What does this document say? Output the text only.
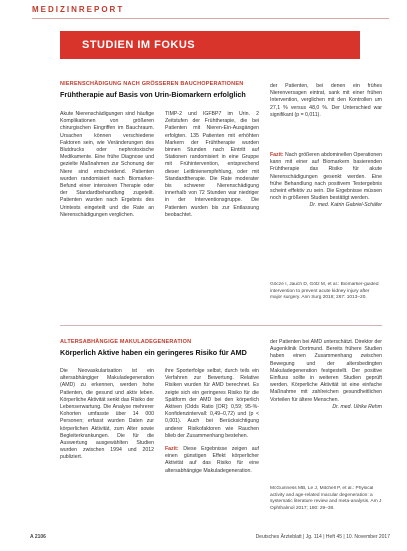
MEDIZINREPORT
STUDIEN IM FOKUS
NIERENSCHÄDIGUNG NACH GRÖSSEREN BAUCHOPERATIONEN
Frühtherapie auf Basis von Urin-Biomarkern erfolglich

Akute Nierenschädigungen sind häufige Komplikationen von größeren chirurgischen Eingriffen im Bauchraum. Ursachen können verschiedene Faktoren sein, wie Veränderungen des Blutdrucks oder nephrotoxische Medikamente. Eine frühe Diagnose und gezielte Maßnahmen zur Schonung der Niere sind entscheidend. Patienten wurden randomisiert nach Biomarker-Befund einer intensiven Therapie oder der Standardbehandlung zugeteilt. Patienten wurden nach Ergebnis des Urintests eingeteilt und die Rate an Nierenschädigungen verglichen.

TIMP-2 und IGFBP7 im Urin. 2 Zeitstufen der Frühtherapie, die bei Patienten mit Nieren-Ein-Ausgängen erfolgten. 135 Patienten mit erhöhten Markern der Frühtherapie wurden binnen Stunden nach Eintritt auf Stationen randomisiert in eine Gruppe mit Frühintervention, entsprechend dieser Leitlinienempfehlung, oder mit Standardtherapie. Die Rate moderater bis schwerer Nierenschädigung innerhalb von 72 Stunden war niedriger in der Interventionsgruppe. Die Patienten wurden bis zur Entlassung beobachtet.

der Patienten, bei denen ein frühes Nierenversagen eintrat, sank mit einer frühen Intervention, verglichen mit den Kontrollen um 27,1 % versus 48,0 %. Der Unterschied war signifikant (p = 0,011).

Fazit: Nach größeren abdominellen Operationen kann mit einer auf Biomarkern basierenden Frühtherapie das Risiko für akute Nierenschädigungen gesenkt werden. Eine frühe Behandlung nach positivem Testergebnis scheint effektiv zu sein. Die Ergebnisse müssen noch in größeren Studien bestätigt werden.
Dr. med. Katrin Gabriel-Schäfer
Göcze I, Jauch D, Götz M, et al.: Biomarker-guided intervention to prevent acute kidney injury after major surgery. Ann Surg 2018; 267: 1013–20.
ALTERSABHÄNGIGE MAKULADEGENERATION
Körperlich Aktive haben ein geringeres Risiko für AMD

Die Neovaskularisation ist ein altersabhängiger Makuladegeneration (AMD) zu erkennen, werden hohe Patienten, die gesund und aktiv leben. Körperliche Aktivität senkt das Risiko der Lebenserwartung. Die Analyse mehrerer Kohorten umfasste über 14 000 Personen; erfasst wurden Daten zur körperlichen Aktivität, zum Alter sowie Begleiterkrankungen. Die für die Auswertung ausgewählten Studien wurden zwischen 1994 und 2012 publiziert.

ihre Sporterfolge selbst, durch teils ein Verfahren zur Bewertung. Relative Risiken wurden für AMD berechnet. Es zeigte sich ein geringeres Risiko für die Spätform der AMD bei den körperlich Aktiven (Odds Ratio [OR]: 0,59; 95-%-Konfidenzintervall: 0,49–0,72) und (p < 0,001). Auch bei Berücksichtigung anderer Risikofaktoren wie Rauchen blieb der Zusammenhang bestehen.

Fazit: Diese Ergebnisse zeigen auf einen günstigen Effekt körperlicher Aktivität auf das Risiko für eine altersabhängige Makuladegeneration.

der Patienten bei AMD unterschätzt. Direktor der Augenklinik Dortmund. Bereits frühere Studien haben einen Zusammenhang zwischen Bewegung und der altersbedingten Makuladegeneration festgestellt. Der positive Einfluss sollte in weiteren Studien geprüft werden. Körperliche Aktivität ist eine einfache Maßnahme mit zahlreichen gesundheitlichen Vorteilen für ältere Menschen.

Dr. med. Ulrike Rehm
McGuinness MB, Le J, Mitchell P, et al.: Physical activity and age-related macular degeneration: a systematic literature review and meta-analysis. Am J Ophthalmol 2017; 180: 29–38.
A 2106	Deutsches Ärzteblatt | Jg. 114 | Heft 45 | 10. November 2017
